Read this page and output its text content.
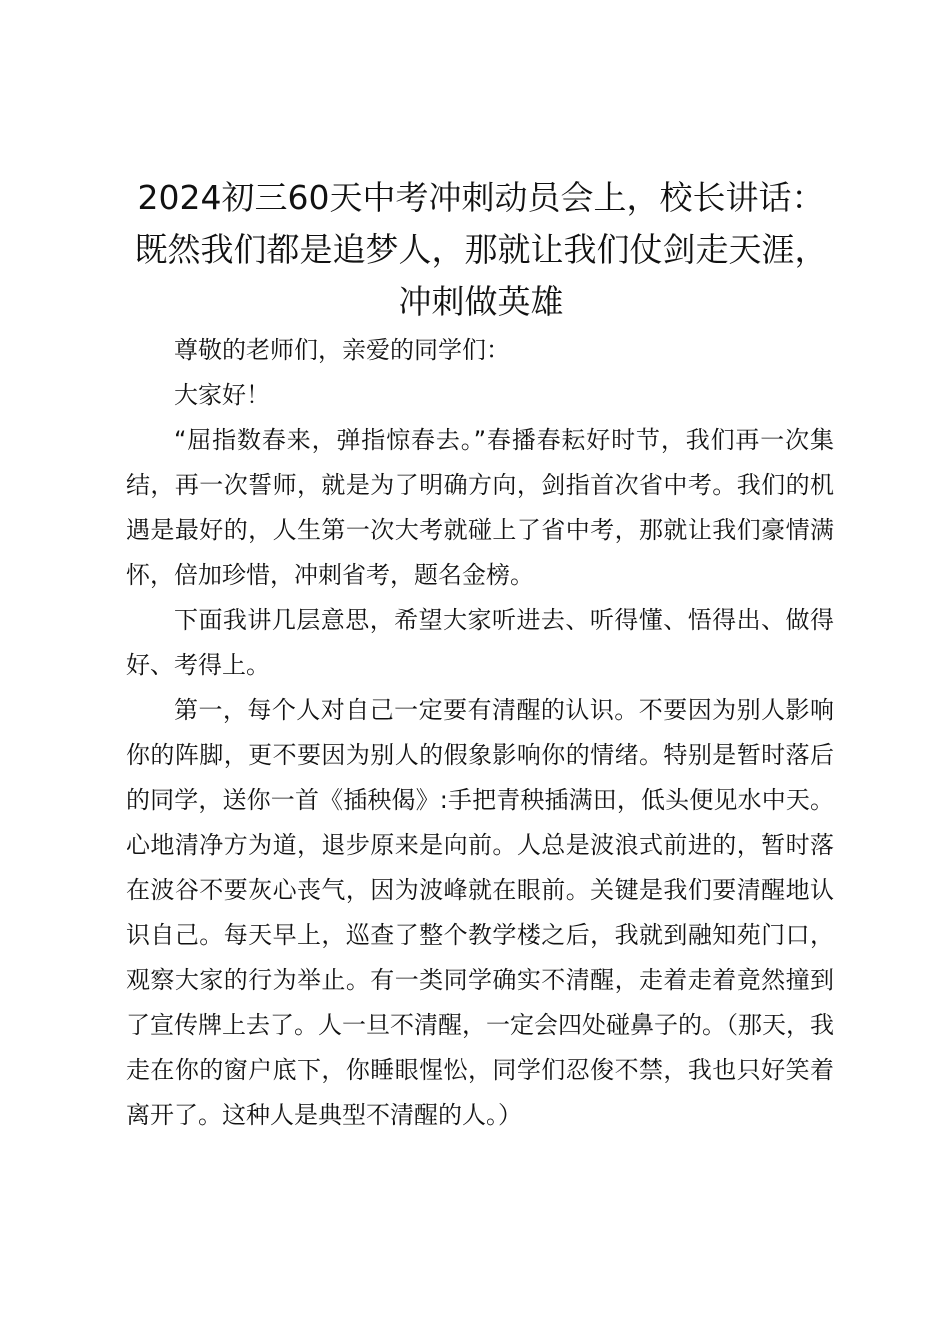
2024初三60天中考冲刺动员会上，校长讲话：既然我们都是追梦人，那就让我们仗剑走天涯，冲刺做英雄

尊敬的老师们，亲爱的同学们：

大家好！

“屈指数春来，弹指惊春去。”春播春耘好时节，我们再一次集结，再一次誓师，就是为了明确方向，剑指首次省中考。我们的机遇是最好的，人生第一次大考就碰上了省中考，那就让我们豪情满怀，倍加珍惜，冲刺省考，题名金榜。

下面我讲几层意思，希望大家听进去、听得懂、悟得出、做得好、考得上。

第一，每个人对自己一定要有清醒的认识。不要因为别人影响你的阵脚，更不要因为别人的假象影响你的情绪。特别是暂时落后的同学，送你一首《插秧偈》:手把青秧插满田，低头便见水中天。心地清净方为道，退步原来是向前。人总是波浪式前进的，暂时落在波谷不要灰心丧气，因为波峰就在眼前。关键是我们要清醒地认识自己。每天早上，巡查了整个教学楼之后，我就到融知苑门口，观察大家的行为举止。有一类同学确实不清醒，走着走着竟然撞到了宣传牌上去了。人一旦不清醒，一定会四处碰鼻子的。（那天，我走在你的窗户底下，你睡眼惺忪，同学们忍俊不禁，我也只好笑着离开了。这种人是典型不清醒的人。）
